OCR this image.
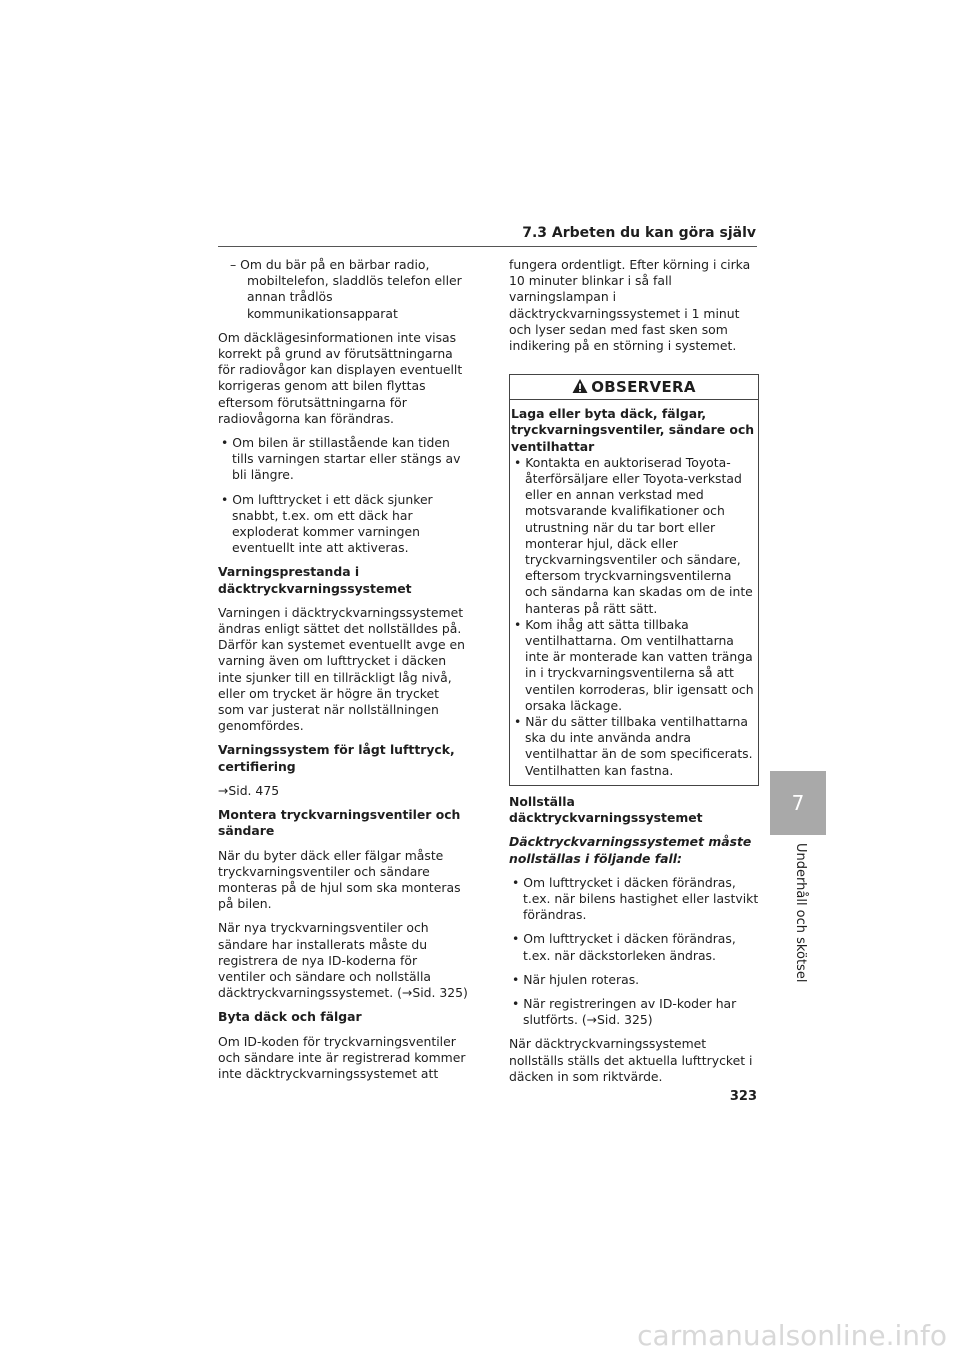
7.3 Arbeten du kan göra själv

– Om du bär på en bärbar radio, mobiltelefon, sladdlös telefon eller annan trådlös kommunikationsapparat

Om däcklägesinformationen inte visas korrekt på grund av förutsättningarna för radiovågor kan displayen eventuellt korrigeras genom att bilen flyttas eftersom förutsättningarna för radiovågorna kan förändras.

• Om bilen är stillastående kan tiden tills varningen startar eller stängs av bli längre.

• Om lufttrycket i ett däck sjunker snabbt, t.ex. om ett däck har exploderat kommer varningen eventuellt inte att aktiveras.

Varningsprestanda i däcktryckvarningssystemet

Varningen i däcktryckvarningssystemet ändras enligt sättet det nollställdes på. Därför kan systemet eventuellt avge en varning även om lufttrycket i däcken inte sjunker till en tillräckligt låg nivå, eller om trycket är högre än trycket som var justerat när nollställningen genomfördes.

Varningssystem för lågt lufttryck, certifiering

→Sid. 475

Montera tryckvarningsventiler och sändare

När du byter däck eller fälgar måste tryckvarningsventiler och sändare monteras på de hjul som ska monteras på bilen.

När nya tryckvarningsventiler och sändare har installerats måste du registrera de nya ID-koderna för ventiler och sändare och nollställa däcktryckvarningssystemet. (→Sid. 325)

Byta däck och fälgar

Om ID-koden för tryckvarningsventiler och sändare inte är registrerad kommer inte däcktryckvarningssystemet att

fungera ordentligt. Efter körning i cirka 10 minuter blinkar i så fall varningslampan i däcktryckvarningssystemet i 1 minut och lyser sedan med fast sken som indikering på en störning i systemet.

OBSERVERA
Laga eller byta däck, fälgar, tryckvarningsventiler, sändare och ventilhattar

• Kontakta en auktoriserad Toyota-återförsäljare eller Toyota-verkstad eller en annan verkstad med motsvarande kvalifikationer och utrustning när du tar bort eller monterar hjul, däck eller tryckvarningsventiler och sändare, eftersom tryckvarningsventilerna och sändarna kan skadas om de inte hanteras på rätt sätt.

• Kom ihåg att sätta tillbaka ventilhattarna. Om ventilhattarna inte är monterade kan vatten tränga in i tryckvarningsventilerna så att ventilen korroderas, blir igensatt och orsaka läckage.

• När du sätter tillbaka ventilhattarna ska du inte använda andra ventilhattar än de som specificerats. Ventilhatten kan fastna.

Nollställa däcktryckvarningssystemet
Däcktryckvarningssystemet måste nollställas i följande fall:

• Om lufttrycket i däcken förändras, t.ex. när bilens hastighet eller lastvikt förändras.

• Om lufttrycket i däcken förändras, t.ex. när däckstorleken ändras.

• När hjulen roteras.

• När registreringen av ID-koder har slutförts. (→Sid. 325)

När däcktryckvarningssystemet nollställs ställs det aktuella lufttrycket i däcken in som riktvärde.

7
Underhåll och skötsel
323
carmanualsonline.info
